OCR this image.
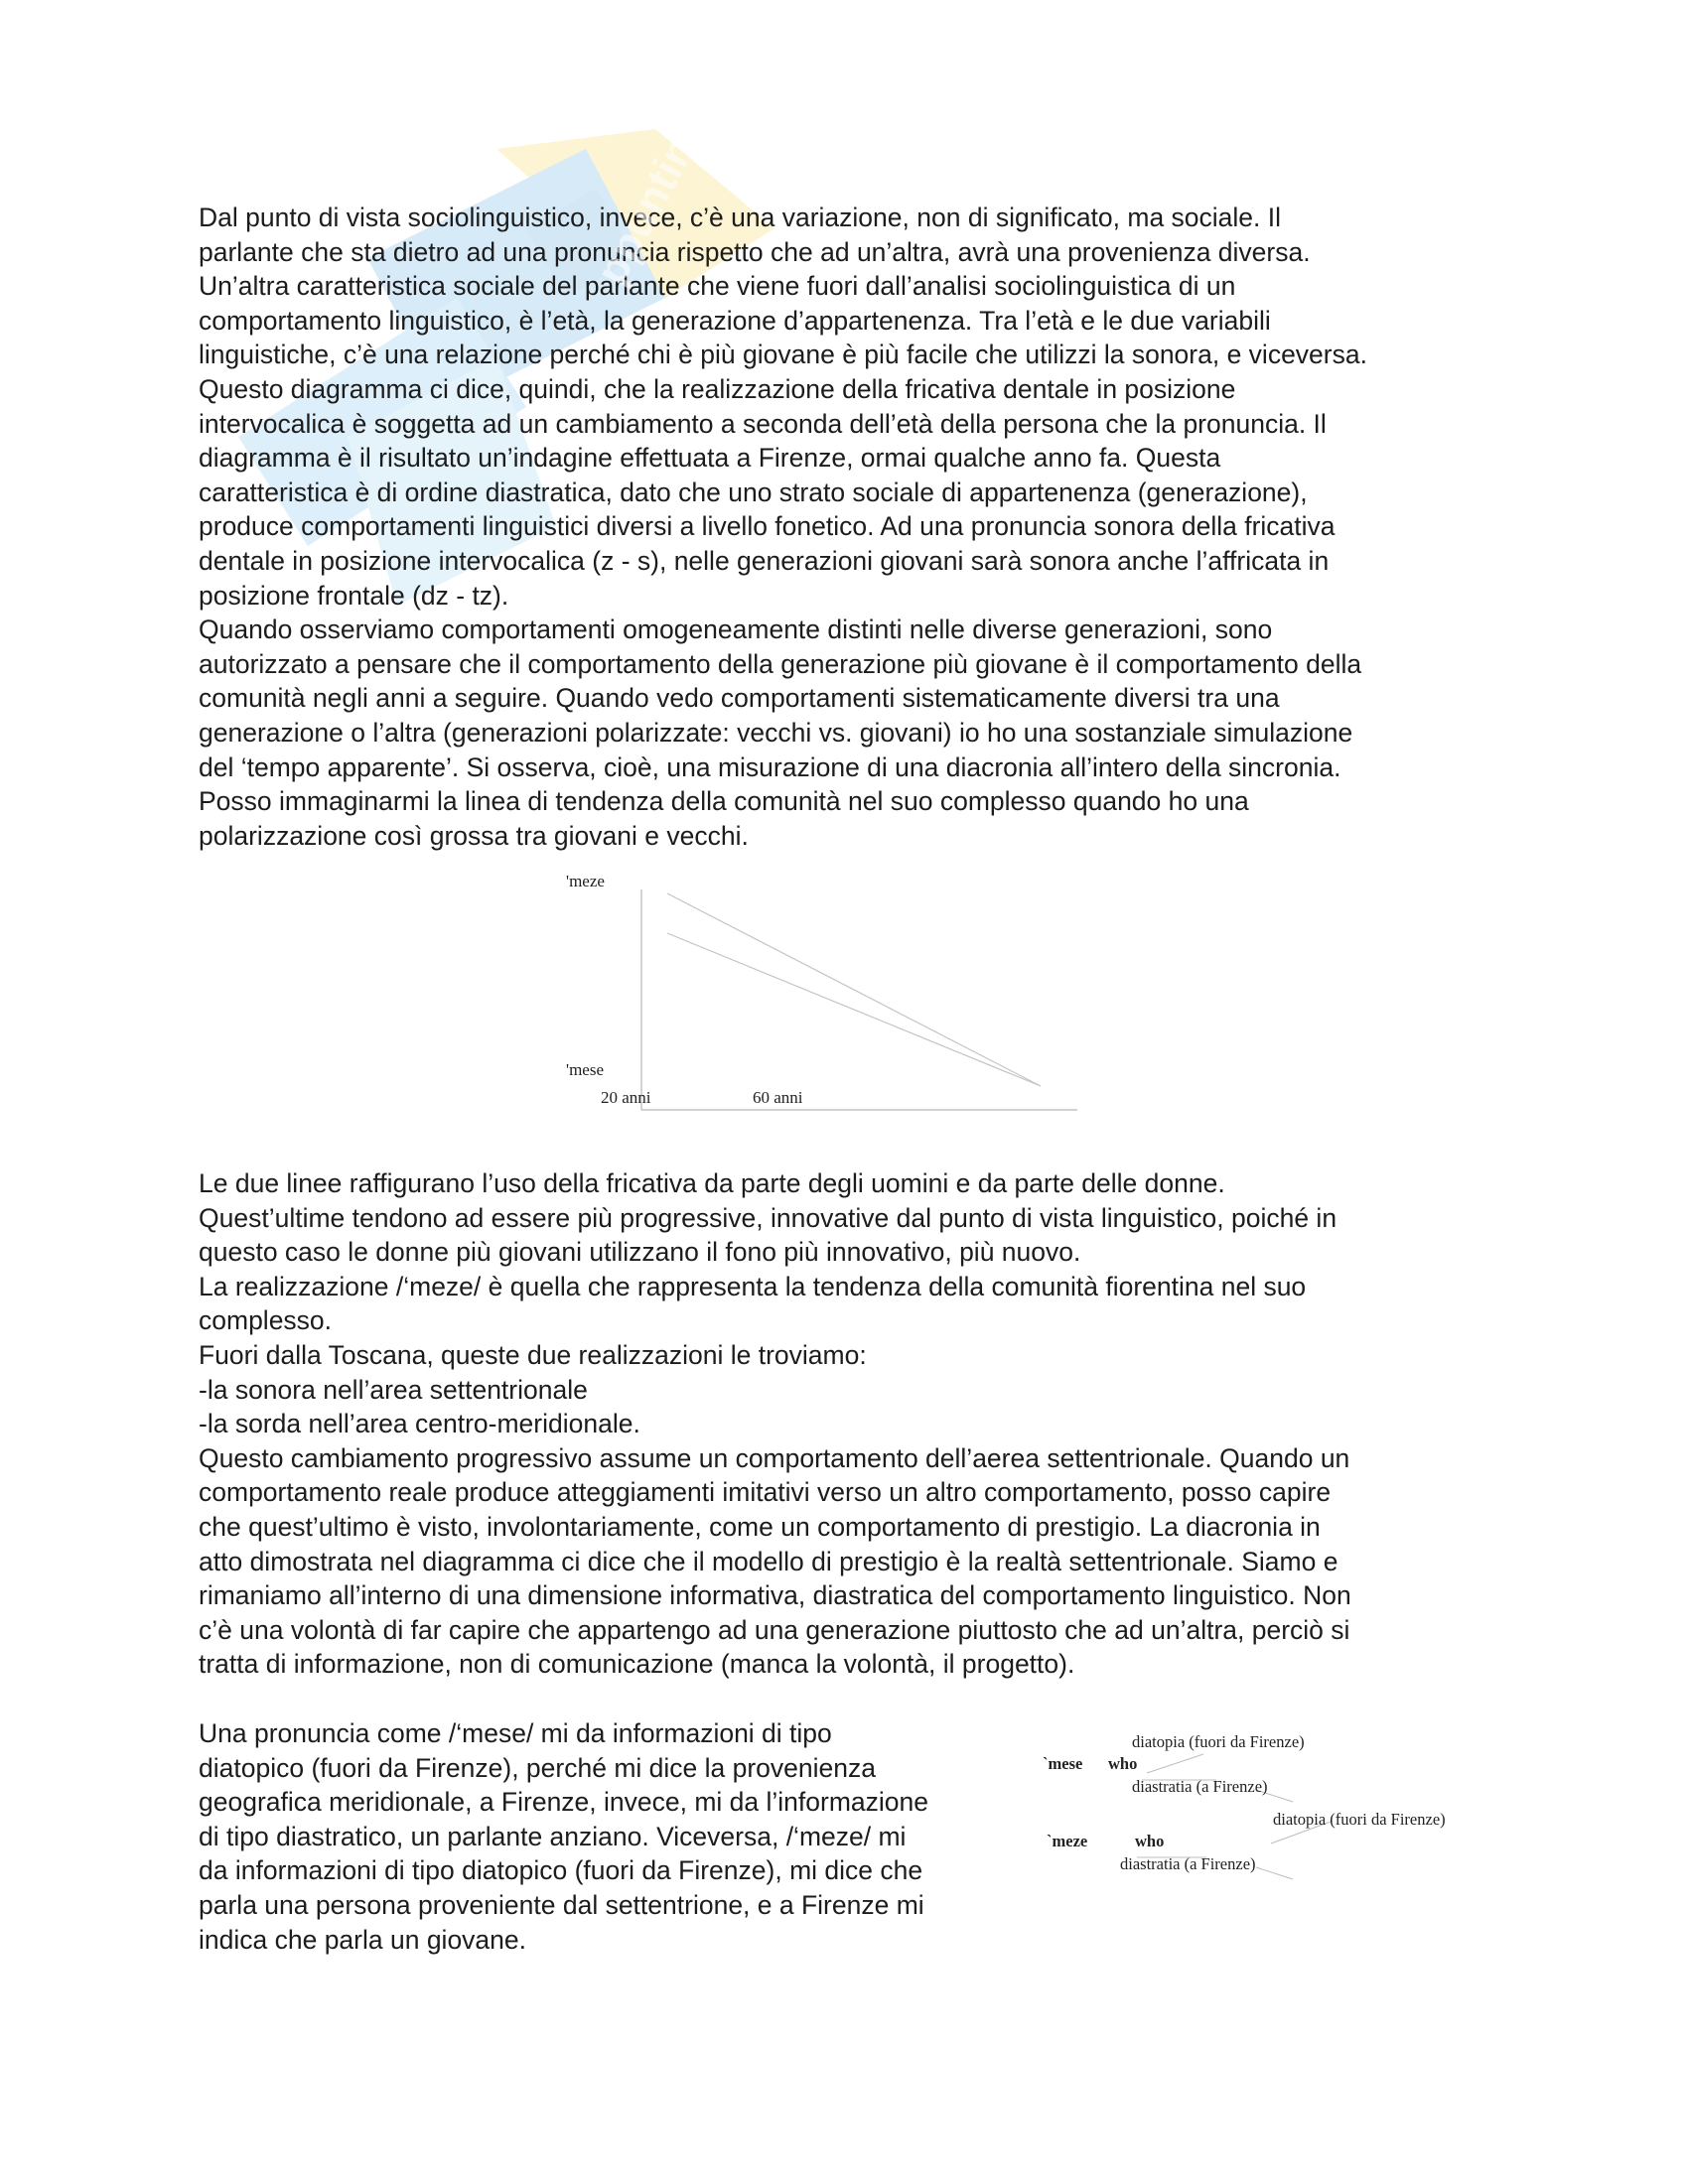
Dal punto di vista sociolinguistico, invece, c’è una variazione, non di significato, ma sociale. Il

parlante che sta dietro ad una pronuncia rispetto che ad un’altra, avrà una provenienza diversa.

Un’altra caratteristica sociale del parlante che viene fuori dall’analisi sociolinguistica di un

comportamento linguistico, è l’età, la generazione d’appartenenza. Tra l’età e le due variabili

linguistiche, c’è una relazione perché chi è più giovane è più facile che utilizzi la sonora, e viceversa.

Questo diagramma ci dice, quindi, che la realizzazione della fricativa dentale in posizione

intervocalica è soggetta ad un cambiamento a seconda dell’età della persona che la pronuncia. Il

diagramma è il risultato un’indagine effettuata a Firenze, ormai qualche anno fa. Questa

caratteristica è di ordine diastratica, dato che uno strato sociale di appartenenza (generazione),

produce comportamenti linguistici diversi a livello fonetico. Ad una pronuncia sonora della fricativa

dentale in posizione intervocalica (z - s), nelle generazioni giovani sarà sonora anche l’affricata in

posizione frontale (dz - tz).

Quando osserviamo comportamenti omogeneamente distinti nelle diverse generazioni, sono

autorizzato a pensare che il comportamento della generazione più giovane è il comportamento della

comunità negli anni a seguire. Quando vedo comportamenti sistematicamente diversi tra una

generazione o l’altra (generazioni polarizzate: vecchi vs. giovani) io ho una sostanziale simulazione

del ‘tempo apparente’. Si osserva, cioè, una misurazione di una diacronia all’intero della sincronia.

Posso immaginarmi la linea di tendenza della comunità nel suo complesso quando ho una

polarizzazione così grossa tra giovani e vecchi.

'meze
'mese
20 anni	60 anni

Le due linee raffigurano l’uso della fricativa da parte degli uomini e da parte delle donne.

Quest’ultime tendono ad essere più progressive, innovative dal punto di vista linguistico, poiché in

questo caso le donne più giovani utilizzano il fono più innovativo, più nuovo.

La realizzazione /‘meze/ è quella che rappresenta la tendenza della comunità fiorentina nel suo

complesso.

Fuori dalla Toscana, queste due realizzazioni le troviamo:

-la sonora nell’area settentrionale

-la sorda nell’area centro-meridionale.

Questo cambiamento progressivo assume un comportamento dell’aerea settentrionale. Quando un

comportamento reale produce atteggiamenti imitativi verso un altro comportamento, posso capire

che quest’ultimo è visto, involontariamente, come un comportamento di prestigio. La diacronia in

atto dimostrata nel diagramma ci dice che il modello di prestigio è la realtà settentrionale. Siamo e

rimaniamo all’interno di una dimensione informativa, diastratica del comportamento linguistico. Non

c’è una volontà di far capire che appartengo ad una generazione piuttosto che ad un’altra, perciò si

tratta di informazione, non di comunicazione (manca la volontà, il progetto).

Una pronuncia come /‘mese/ mi da informazioni di tipo

diatopico (fuori da Firenze), perché mi dice la provenienza

geografica meridionale, a Firenze, invece, mi da l’informazione

di tipo diastratico, un parlante anziano. Viceversa, /‘meze/ mi

da informazioni di tipo diatopico (fuori da Firenze), mi dice che

parla una persona proveniente dal settentrione, e a Firenze mi

indica che parla un giovane.

diatopia (fuori da Firenze)
`mese who
diastratia (a Firenze)
diatopia (fuori da Firenze)
`meze	who
diastratia (a Firenze)
ppuntinet
